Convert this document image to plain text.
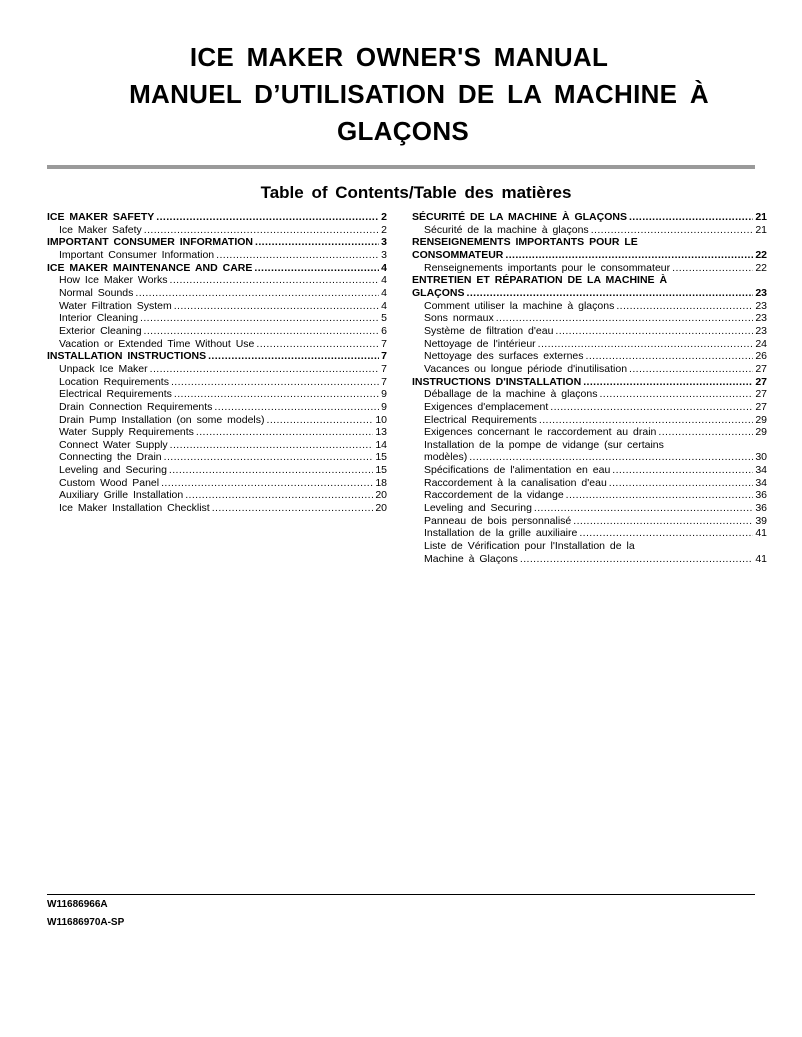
ICE MAKER OWNER'S MANUAL
MANUEL D’UTILISATION DE LA MACHINE À
GLAÇONS
Table of Contents/Table des matières
ICE MAKER SAFETY .....	2
Ice Maker Safety .....	2
IMPORTANT CONSUMER INFORMATION .....	3
Important Consumer Information .....	3
ICE MAKER MAINTENANCE AND CARE .....	4
How Ice Maker Works .....	4
Normal Sounds .....	4
Water Filtration System .....	4
Interior Cleaning .....	5
Exterior Cleaning .....	6
Vacation or Extended Time Without Use .....	7
INSTALLATION INSTRUCTIONS .....	7
Unpack Ice Maker .....	7
Location Requirements .....	7
Electrical Requirements .....	9
Drain Connection Requirements .....	9
Drain Pump Installation (on some models) .....	10
Water Supply Requirements .....	13
Connect Water Supply .....	14
Connecting the Drain .....	15
Leveling and Securing .....	15
Custom Wood Panel .....	18
Auxiliary Grille Installation .....	20
Ice Maker Installation Checklist .....	20
SÉCURITÉ DE LA MACHINE À GLAÇONS .....	21
Sécurité de la machine à glaçons .....	21
RENSEIGNEMENTS IMPORTANTS POUR LE
CONSOMMATEUR .....	22
Renseignements importants pour le consommateur .....	22
ENTRETIEN ET RÉPARATION DE LA MACHINE À
GLAÇONS .....	23
Comment utiliser la machine à glaçons .....	23
Sons normaux .....	23
Système de filtration d'eau .....	23
Nettoyage de l'intérieur .....	24
Nettoyage des surfaces externes .....	26
Vacances ou longue période d'inutilisation .....	27
INSTRUCTIONS D'INSTALLATION .....	27
Déballage de la machine à glaçons .....	27
Exigences d'emplacement .....	27
Electrical Requirements .....	29
Exigences concernant le raccordement au drain .....	29
Installation de la pompe de vidange (sur certains
modèles) .....	30
Spécifications de l'alimentation en eau .....	34
Raccordement à la canalisation d'eau .....	34
Raccordement de la vidange .....	36
Leveling and Securing .....	36
Panneau de bois personnalisé .....	39
Installation de la grille auxiliaire .....	41
Liste de Vérification pour l'Installation de la
Machine à Glaçons .....	41
W11686966A
W11686970A-SP
